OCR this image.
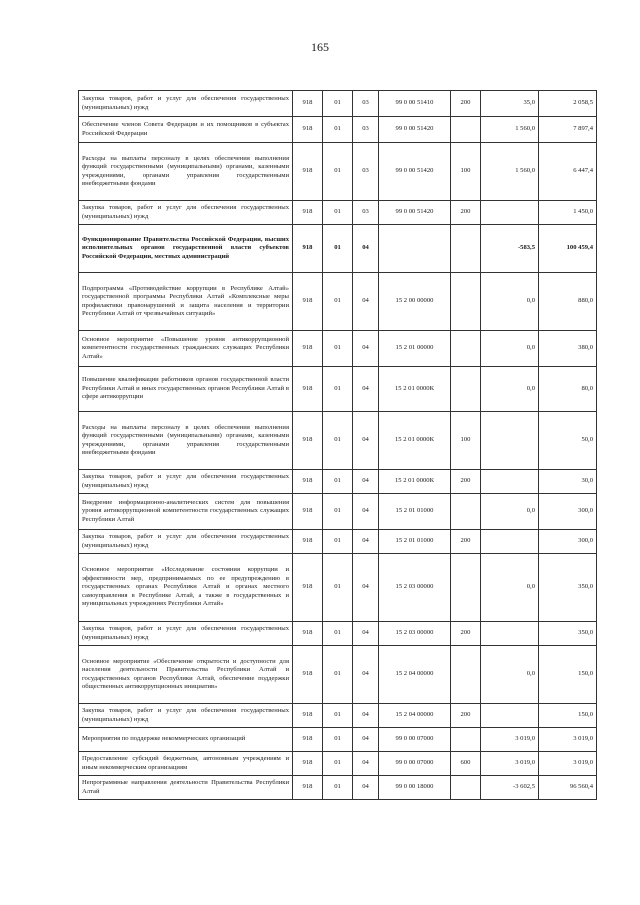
165
Закупка товаров, работ и услуг для обеспечения государственных (муниципальных) нужд	918	01	03	99 0 00 51410	200	35,0	2 058,5
Обеспечение членов Совета Федерации и их помощников в субъектах Российской Федерации	918	01	03	99 0 00 51420		1 560,0	7 897,4
Расходы на выплаты персоналу в целях обеспечения выполнения функций государственными (муниципальными) органами, казенными учреждениями, органами управления государственными внебюджетными фондами	918	01	03	99 0 00 51420	100	1 560,0	6 447,4
Закупка товаров, работ и услуг для обеспечения государственных (муниципальных) нужд	918	01	03	99 0 00 51420	200		1 450,0
Функционирование Правительства Российской Федерации, высших исполнительных органов государственной власти субъектов Российской Федерации, местных администраций	918	01	04			-583,5	100 459,4
Подпрограмма «Противодействие коррупции в Республике Алтай» государственной программы Республики Алтай «Комплексные меры профилактики правонарушений и защита населения и территории Республики Алтай от чрезвычайных ситуаций»	918	01	04	15 2 00 00000		0,0	880,0
Основное мероприятие «Повышение уровня антикоррупционной компетентности государственных гражданских служащих Республики Алтай»	918	01	04	15 2 01 00000		0,0	380,0
Повышение квалификации работников органов государственной власти Республики Алтай и иных государственных органов Республики Алтай в сфере антикоррупции	918	01	04	15 2 01 0000К		0,0	80,0
Расходы на выплаты персоналу в целях обеспечения выполнения функций государственными (муниципальными) органами, казенными учреждениями, органами управления государственными внебюджетными фондами	918	01	04	15 2 01 0000К	100		50,0
Закупка товаров, работ и услуг для обеспечения государственных (муниципальных) нужд	918	01	04	15 2 01 0000К	200		30,0
Внедрение информационно-аналитических систем для повышения уровня антикоррупционной компетентности государственных служащих Республики Алтай	918	01	04	15 2 01 01000		0,0	300,0
Закупка товаров, работ и услуг для обеспечения государственных (муниципальных) нужд	918	01	04	15 2 01 01000	200		300,0
Основное мероприятие «Исследование состояния коррупции и эффективности мер, предпринимаемых по ее предупреждению в государственных органах Республики Алтай и органах местного самоуправления в Республике Алтай, а также в государственных и муниципальных учреждениях Республики Алтай»	918	01	04	15 2 03 00000		0,0	350,0
Закупка товаров, работ и услуг для обеспечения государственных (муниципальных) нужд	918	01	04	15 2 03 00000	200		350,0
Основное мероприятие «Обеспечение открытости и доступности для населения деятельности Правительства Республики Алтай и государственных органов Республики Алтай, обеспечение поддержки общественных антикоррупционных инициатив»	918	01	04	15 2 04 00000		0,0	150,0
Закупка товаров, работ и услуг для обеспечения государственных (муниципальных) нужд	918	01	04	15 2 04 00000	200		150,0
Мероприятия по поддержке некоммерческих организаций	918	01	04	99 0 00 07000		3 019,0	3 019,0
Предоставление субсидий бюджетным, автономным учреждениям и иным некоммерческим организациям	918	01	04	99 0 00 07000	600	3 019,0	3 019,0
Непрограммные направления деятельности Правительства Республики Алтай	918	01	04	99 0 00 18000		-3 602,5	96 560,4
